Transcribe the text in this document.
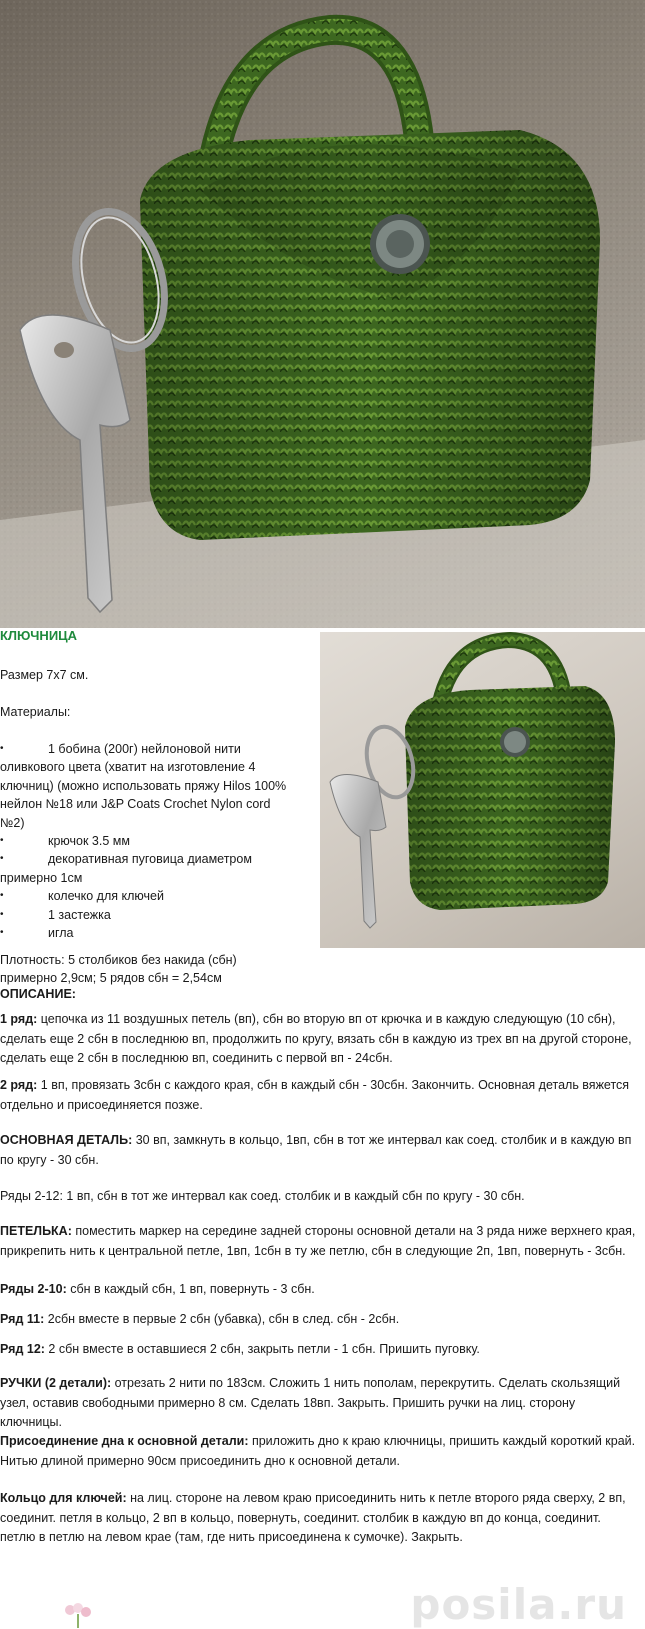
КЛЮЧНИЦА
Размер 7х7 см.
Материалы:
•	1 бобина (200г) нейлоновой нити
оливкового цвета (хватит на изготовление 4
ключниц) (можно использовать пряжу Hilos 100%
нейлон №18 или J&P Coats Crochet Nylon cord
№2)
•	крючок 3.5 мм
•	декоративная пуговица диаметром
примерно 1см
•	колечко для ключей
•	1 застежка
•	игла
Плотность: 5 столбиков без накида (сбн)
примерно 2,9см; 5 рядов сбн = 2,54см
ОПИСАНИЕ:
1 ряд: цепочка из 11 воздушных петель (вп), сбн во вторую вп от крючка и в каждую следующую (10 сбн), сделать еще 2 сбн в последнюю вп, продолжить по кругу, вязать сбн в каждую из трех вп на другой стороне, сделать еще 2 сбн в последнюю вп, соединить с первой вп - 24сбн.
2 ряд: 1 вп, провязать 3сбн с каждого края, сбн в каждый сбн - 30сбн. Закончить. Основная деталь вяжется отдельно и присоединяется позже.
ОСНОВНАЯ ДЕТАЛЬ: 30 вп, замкнуть в кольцо, 1вп, сбн в тот же интервал как соед. столбик и в каждую вп по кругу - 30 сбн.
Ряды 2-12: 1 вп, сбн в тот же интервал как соед. столбик и в каждый сбн по кругу - 30 сбн.
ПЕТЕЛЬКА: поместить маркер на середине задней стороны основной детали на 3 ряда ниже верхнего края, прикрепить нить к центральной петле, 1вп, 1сбн в ту же петлю, сбн в следующие 2п, 1вп, повернуть - 3сбн.
Ряды 2-10: сбн в каждый сбн, 1 вп, повернуть - 3 сбн.
Ряд 11: 2сбн вместе в первые 2 сбн (убавка), сбн в след. сбн - 2сбн.
Ряд 12: 2 сбн вместе в оставшиеся 2 сбн, закрыть петли - 1 сбн. Пришить пуговку.
РУЧКИ (2 детали): отрезать 2 нити по 183см. Сложить 1 нить пополам, перекрутить. Сделать скользящий узел, оставив свободными примерно 8 см. Сделать 18вп. Закрыть. Пришить ручки на лиц. сторону ключницы.
Присоединение дна к основной детали: приложить дно к краю ключницы, пришить каждый короткий край. Нитью длиной примерно 90см присоединить дно к основной детали.
Кольцо для ключей: на лиц. стороне на левом краю присоединить нить к петле второго ряда сверху, 2 вп, соединит. петля в кольцо, 2 вп в кольцо, повернуть, соединит. столбик в каждую вп до конца, соединит. петлю в петлю на левом крае (там, где нить присоединена к сумочке). Закрыть.
posila.ru
